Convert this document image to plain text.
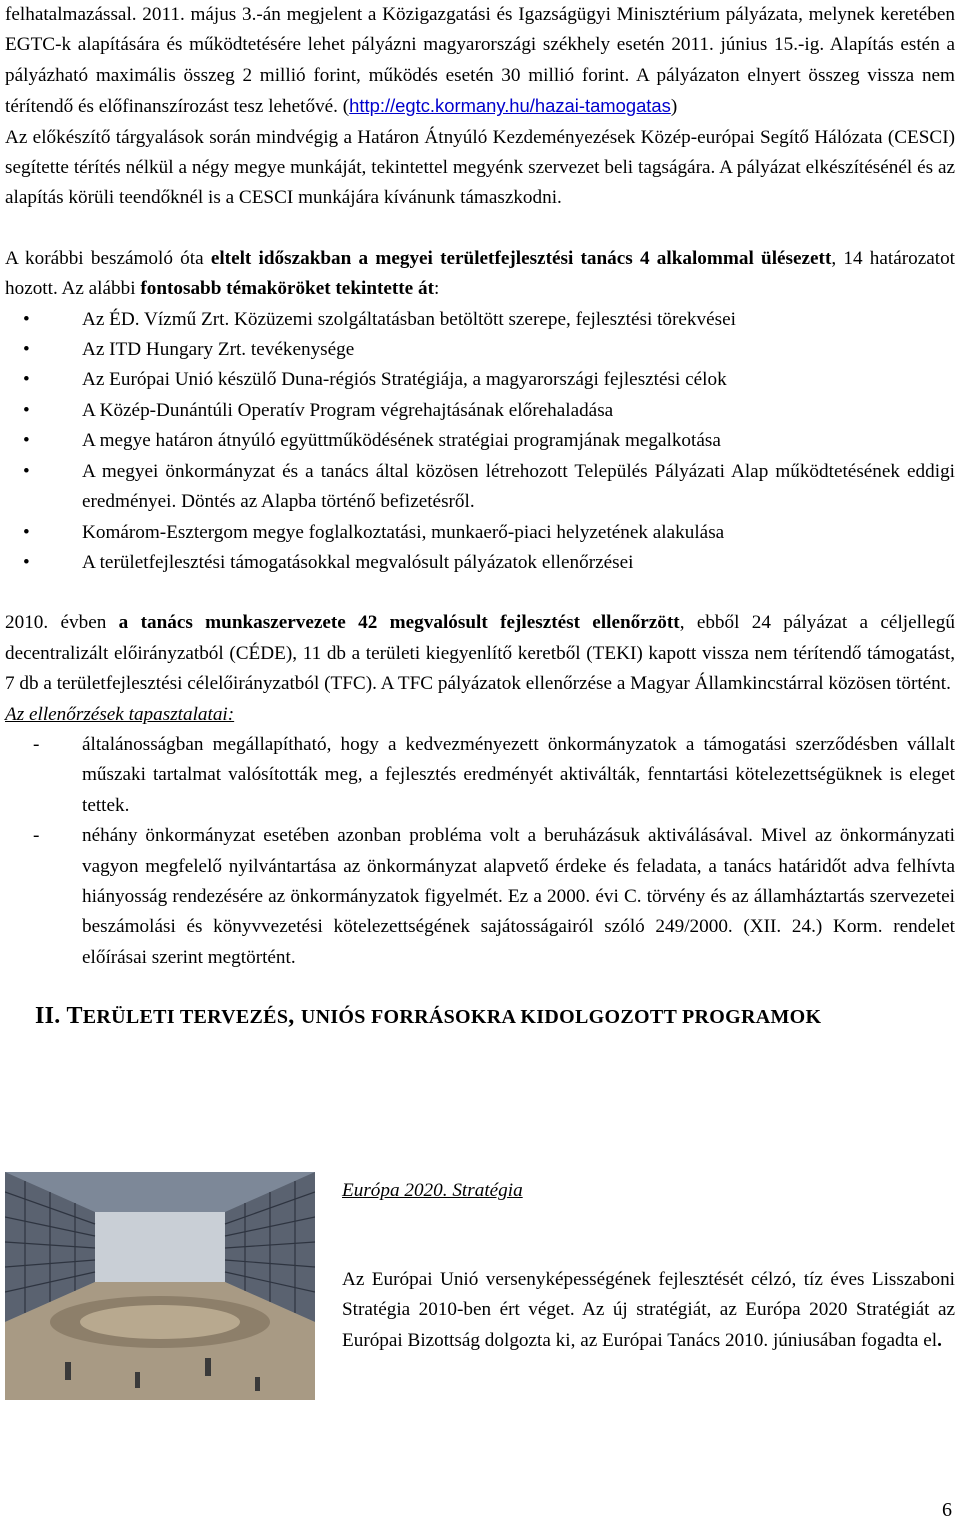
felhatalmazással. 2011. május 3.-án megjelent a Közigazgatási és Igazságügyi Minisztérium pályázata, melynek keretében EGTC-k alapítására és működtetésére lehet pályázni magyarországi székhely esetén 2011. június 15.-ig. Alapítás estén a pályázható maximális összeg 2 millió forint, működés esetén 30 millió forint. A pályázaton elnyert összeg vissza nem térítendő és előfinanszírozást tesz lehetővé. (http://egtc.kormany.hu/hazai-tamogatas)

Az előkészítő tárgyalások során mindvégig a Határon Átnyúló Kezdeményezések Közép-európai Segítő Hálózata (CESCI) segítette térítés nélkül a négy megye munkáját, tekintettel megyénk szervezet beli tagságára. A pályázat elkészítésénél és az alapítás körüli teendőknél is a CESCI munkájára kívánunk támaszkodni.

A korábbi beszámoló óta eltelt időszakban a megyei területfejlesztési tanács 4 alkalommal ülésezett, 14 határozatot hozott. Az alábbi fontosabb témaköröket tekintette át:

•	Az ÉD. Vízmű Zrt. Közüzemi szolgáltatásban betöltött szerepe, fejlesztési törekvései
•	Az ITD Hungary Zrt. tevékenysége
•	Az Európai Unió készülő Duna-régiós Stratégiája, a magyarországi fejlesztési célok
•	A Közép-Dunántúli Operatív Program végrehajtásának előrehaladása
•	A megye határon átnyúló együttműködésének stratégiai programjának megalkotása
•	A megyei önkormányzat és a tanács által közösen létrehozott Település Pályázati Alap működtetésének eddigi eredményei. Döntés az Alapba történő befizetésről.
•	Komárom-Esztergom megye foglalkoztatási, munkaerő-piaci helyzetének alakulása
•	A területfejlesztési támogatásokkal megvalósult pályázatok ellenőrzései

2010. évben a tanács munkaszervezete 42 megvalósult fejlesztést ellenőrzött, ebből 24 pályázat a céljellegű decentralizált előirányzatból (CÉDE), 11 db a területi kiegyenlítő keretből (TEKI) kapott vissza nem térítendő támogatást, 7 db a területfejlesztési célelőirányzatból (TFC). A TFC pályázatok ellenőrzése a Magyar Államkincstárral közösen történt.

Az ellenőrzések tapasztalatai:

- általánosságban megállapítható, hogy a kedvezményezett önkormányzatok a támogatási szerződésben vállalt műszaki tartalmat valósították meg, a fejlesztés eredményét aktiválták, fenntartási kötelezettségüknek is eleget tettek.
- néhány önkormányzat esetében azonban probléma volt a beruházásuk aktiválásával. Mivel az önkormányzati vagyon megfelelő nyilvántartása az önkormányzat alapvető érdeke és feladata, a tanács határidőt adva felhívta hiányosság rendezésére az önkormányzatok figyelmét. Ez a 2000. évi C. törvény és az államháztartás szervezetei beszámolási és könyvvezetési kötelezettségének sajátosságairól szóló 249/2000. (XII. 24.) Korm. rendelet előírásai szerint megtörtént.
II. TERÜLETI TERVEZÉS, UNIÓS FORRÁSOKRA KIDOLGOZOTT PROGRAMOK

Európa 2020. Stratégia

Az Európai Unió versenyképességének fejlesztését célzó, tíz éves Lisszaboni Stratégia 2010-ben ért véget. Az új stratégiát, az Európa 2020 Stratégiát az Európai Bizottság dolgozta ki, az Európai Tanács 2010. júniusában fogadta el.

6
